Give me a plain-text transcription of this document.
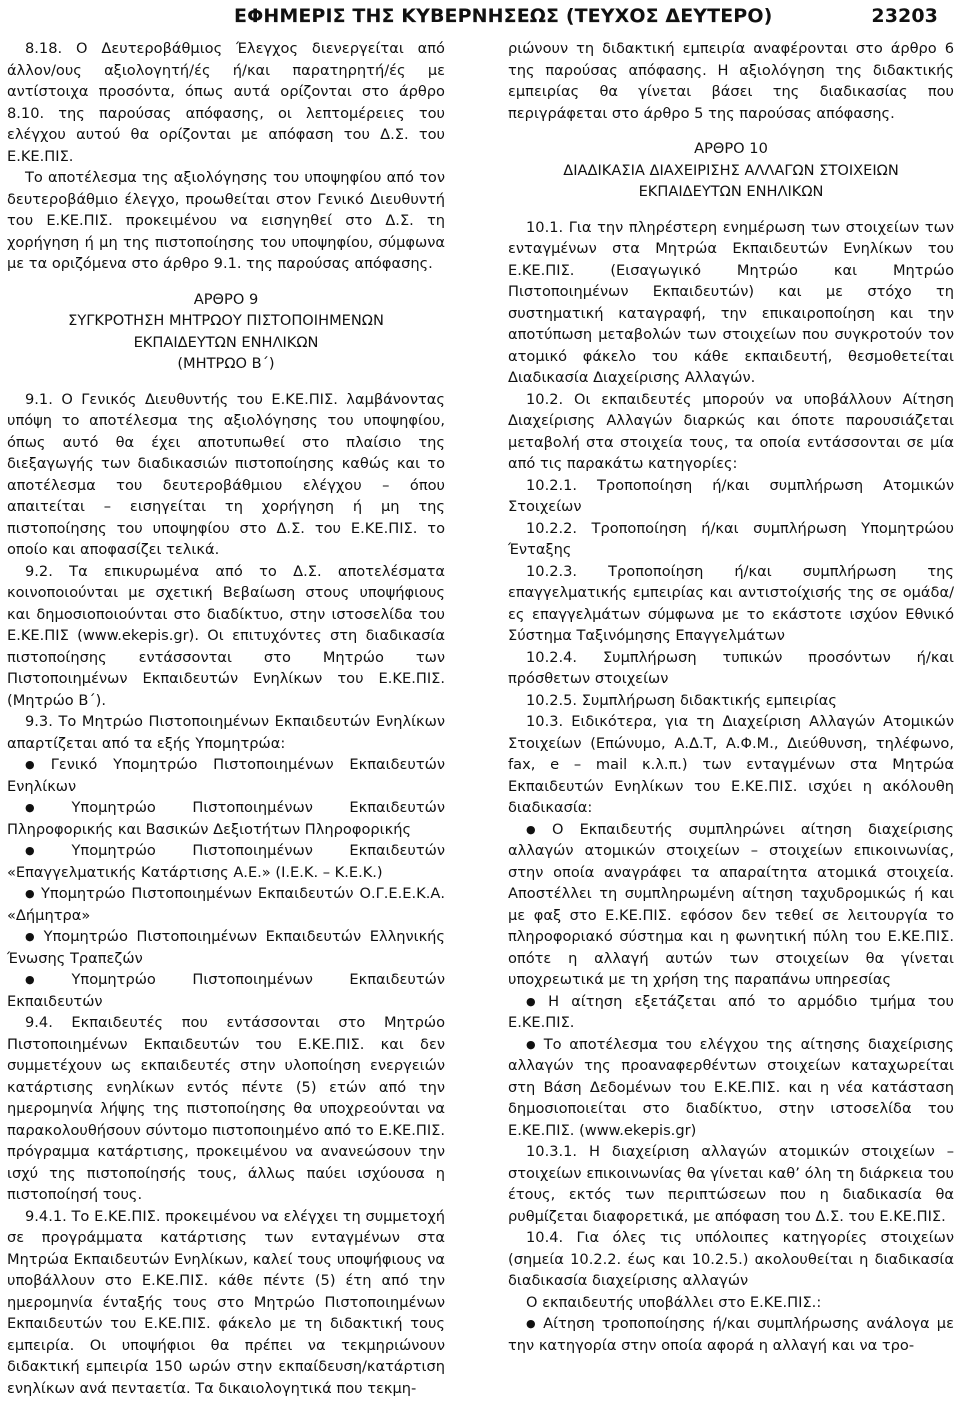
ΕΦΗΜΕΡΙΣ ΤΗΣ ΚΥΒΕΡΝΗΣΕΩΣ (ΤΕΥΧΟΣ ΔΕΥΤΕΡΟ)	23203

8.18. Ο Δευτεροβάθμιος Έλεγχος διενεργείται από άλλον/ους αξιολογητή/ές ή/και παρατηρητή/ές με αντίστοιχα προσόντα, όπως αυτά ορίζονται στο άρθρο 8.10. της παρούσας απόφασης, οι λεπτομέρειες του ελέγχου αυτού θα ορίζονται με απόφαση του Δ.Σ. του Ε.ΚΕ.ΠΙΣ.

Το αποτέλεσμα της αξιολόγησης του υποψηφίου από τον δευτεροβάθμιο έλεγχο, προωθείται στον Γενικό Διευθυντή του Ε.ΚΕ.ΠΙΣ. προκειμένου να εισηγηθεί στο Δ.Σ. τη χορήγηση ή μη της πιστοποίησης του υποψηφίου, σύμφωνα με τα οριζόμενα στο άρθρο 9.1. της παρούσας απόφασης.

ΑΡΘΡΟ 9
ΣΥΓΚΡΟΤΗΣΗ ΜΗΤΡΩΟΥ ΠΙΣΤΟΠΟΙΗΜΕΝΩΝ
ΕΚΠΑΙΔΕΥΤΩΝ ΕΝΗΛΙΚΩΝ
(ΜΗΤΡΩΟ Β΄)

9.1. Ο Γενικός Διευθυντής του Ε.ΚΕ.ΠΙΣ. λαμβάνοντας υπόψη το αποτέλεσμα της αξιολόγησης του υποψηφίου, όπως αυτό θα έχει αποτυπωθεί στο πλαίσιο της διεξαγωγής των διαδικασιών πιστοποίησης καθώς και το αποτέλεσμα του δευτεροβάθμιου ελέγχου – όπου απαιτείται – εισηγείται τη χορήγηση ή μη της πιστοποίησης του υποψηφίου στο Δ.Σ. του Ε.ΚΕ.ΠΙΣ. το οποίο και αποφασίζει τελικά.

9.2. Τα επικυρωμένα από το Δ.Σ. αποτελέσματα κοινοποιούνται με σχετική Βεβαίωση στους υποψήφιους και δημοσιοποιούνται στο διαδίκτυο, στην ιστοσελίδα του Ε.ΚΕ.ΠΙΣ (www.ekepis.gr). Οι επιτυχόντες στη διαδικασία πιστοποίησης εντάσσονται στο Μητρώο των Πιστοποιημένων Εκπαιδευτών Ενηλίκων του Ε.ΚΕ.ΠΙΣ. (Μητρώο Β΄).

9.3. Το Μητρώο Πιστοποιημένων Εκπαιδευτών Ενηλίκων απαρτίζεται από τα εξής Υπομητρώα:

● Γενικό Υπομητρώο Πιστοποιημένων Εκπαιδευτών Ενηλίκων

● Υπομητρώο Πιστοποιημένων Εκπαιδευτών Πληροφορικής και Βασικών Δεξιοτήτων Πληροφορικής

● Υπομητρώο Πιστοποιημένων Εκπαιδευτών «Επαγγελματικής Κατάρτισης Α.Ε.» (Ι.Ε.Κ. – Κ.Ε.Κ.)

● Υπομητρώο Πιστοποιημένων Εκπαιδευτών Ο.Γ.Ε.Ε.Κ.Α. «Δήμητρα»

● Υπομητρώο Πιστοποιημένων Εκπαιδευτών Ελληνικής Ένωσης Τραπεζών

● Υπομητρώο Πιστοποιημένων Εκπαιδευτών Εκπαιδευτών

9.4. Εκπαιδευτές που εντάσσονται στο Μητρώο Πιστοποιημένων Εκπαιδευτών του Ε.ΚΕ.ΠΙΣ. και δεν συμμετέχουν ως εκπαιδευτές στην υλοποίηση ενεργειών κατάρτισης ενηλίκων εντός πέντε (5) ετών από την ημερομηνία λήψης της πιστοποίησης θα υποχρεούνται να παρακολουθήσουν σύντομο πιστοποιημένο από το Ε.ΚΕ.ΠΙΣ. πρόγραμμα κατάρτισης, προκειμένου να ανανεώσουν την ισχύ της πιστοποίησής τους, άλλως παύει ισχύουσα η πιστοποίησή τους.

9.4.1. Το Ε.ΚΕ.ΠΙΣ. προκειμένου να ελέγχει τη συμμετοχή σε προγράμματα κατάρτισης των ενταγμένων στα Μητρώα Εκπαιδευτών Ενηλίκων, καλεί τους υποψήφιους να υποβάλλουν στο Ε.ΚΕ.ΠΙΣ. κάθε πέντε (5) έτη από την ημερομηνία ένταξής τους στο Μητρώο Πιστοποιημένων Εκπαιδευτών του Ε.ΚΕ.ΠΙΣ. φάκελο με τη διδακτική τους εμπειρία. Οι υποψήφιοι θα πρέπει να τεκμηριώνουν διδακτική εμπειρία 150 ωρών στην εκπαίδευση/κατάρτιση ενηλίκων ανά πενταετία. Τα δικαιολογητικά που τεκμη-

ριώνουν τη διδακτική εμπειρία αναφέρονται στο άρθρο 6 της παρούσας απόφασης. Η αξιολόγηση της διδακτικής εμπειρίας θα γίνεται βάσει της διαδικασίας που περιγράφεται στο άρθρο 5 της παρούσας απόφασης.

ΑΡΘΡΟ 10
ΔΙΑΔΙΚΑΣΙΑ ΔΙΑΧΕΙΡΙΣΗΣ ΑΛΛΑΓΩΝ ΣΤΟΙΧΕΙΩΝ
ΕΚΠΑΙΔΕΥΤΩΝ ΕΝΗΛΙΚΩΝ

10.1. Για την πληρέστερη ενημέρωση των στοιχείων των ενταγμένων στα Μητρώα Εκπαιδευτών Ενηλίκων του Ε.ΚΕ.ΠΙΣ. (Εισαγωγικό Μητρώο και Μητρώο Πιστοποιημένων Εκπαιδευτών) και με στόχο τη συστηματική καταγραφή, την επικαιροποίηση και την αποτύπωση μεταβολών των στοιχείων που συγκροτούν τον ατομικό φάκελο του κάθε εκπαιδευτή, θεσμοθετείται Διαδικασία Διαχείρισης Αλλαγών.

10.2. Οι εκπαιδευτές μπορούν να υποβάλλουν Αίτηση Διαχείρισης Αλλαγών διαρκώς και όποτε παρουσιάζεται μεταβολή στα στοιχεία τους, τα οποία εντάσσονται σε μία από τις παρακάτω κατηγορίες:

10.2.1. Τροποποίηση ή/και συμπλήρωση Ατομικών Στοιχείων

10.2.2. Τροποποίηση ή/και συμπλήρωση Υπομητρώου Ένταξης

10.2.3. Τροποποίηση ή/και συμπλήρωση της επαγγελματικής εμπειρίας και αντιστοίχισής της σε ομάδα/ες επαγγελμάτων σύμφωνα με το εκάστοτε ισχύον Εθνικό Σύστημα Ταξινόμησης Επαγγελμάτων

10.2.4. Συμπλήρωση τυπικών προσόντων ή/και πρόσθετων στοιχείων

10.2.5. Συμπλήρωση διδακτικής εμπειρίας

10.3. Ειδικότερα, για τη Διαχείριση Αλλαγών Ατομικών Στοιχείων (Επώνυμο, Α.Δ.Τ, Α.Φ.Μ., Διεύθυνση, τηλέφωνο, fax, e – mail κ.λ.π.) των ενταγμένων στα Μητρώα Εκπαιδευτών Ενηλίκων του Ε.ΚΕ.ΠΙΣ. ισχύει η ακόλουθη διαδικασία:

● Ο Εκπαιδευτής συμπληρώνει αίτηση διαχείρισης αλλαγών ατομικών στοιχείων – στοιχείων επικοινωνίας, στην οποία αναγράφει τα απαραίτητα ατομικά στοιχεία. Αποστέλλει τη συμπληρωμένη αίτηση ταχυδρομικώς ή και με φαξ στο Ε.ΚΕ.ΠΙΣ. εφόσον δεν τεθεί σε λειτουργία το πληροφοριακό σύστημα και η φωνητική πύλη του Ε.ΚΕ.ΠΙΣ. οπότε η αλλαγή αυτών των στοιχείων θα γίνεται υποχρεωτικά με τη χρήση της παραπάνω υπηρεσίας

● Η αίτηση εξετάζεται από το αρμόδιο τμήμα του Ε.ΚΕ.ΠΙΣ.

● Το αποτέλεσμα του ελέγχου της αίτησης διαχείρισης αλλαγών της προαναφερθέντων στοιχείων καταχωρείται στη Βάση Δεδομένων του Ε.ΚΕ.ΠΙΣ. και η νέα κατάσταση δημοσιοποιείται στο διαδίκτυο, στην ιστοσελίδα του Ε.ΚΕ.ΠΙΣ. (www.ekepis.gr)

10.3.1. Η διαχείριση αλλαγών ατομικών στοιχείων – στοιχείων επικοινωνίας θα γίνεται καθ’ όλη τη διάρκεια του έτους, εκτός των περιπτώσεων που η διαδικασία θα ρυθμίζεται διαφορετικά, με απόφαση του Δ.Σ. του Ε.ΚΕ.ΠΙΣ.

10.4. Για όλες τις υπόλοιπες κατηγορίες στοιχείων (σημεία 10.2.2. έως και 10.2.5.) ακολουθείται η διαδικασία διαδικασία διαχείρισης αλλαγών

Ο εκπαιδευτής υποβάλλει στο Ε.ΚΕ.ΠΙΣ.:

● Αίτηση τροποποίησης ή/και συμπλήρωσης ανάλογα με την κατηγορία στην οποία αφορά η αλλαγή και να τρο-
